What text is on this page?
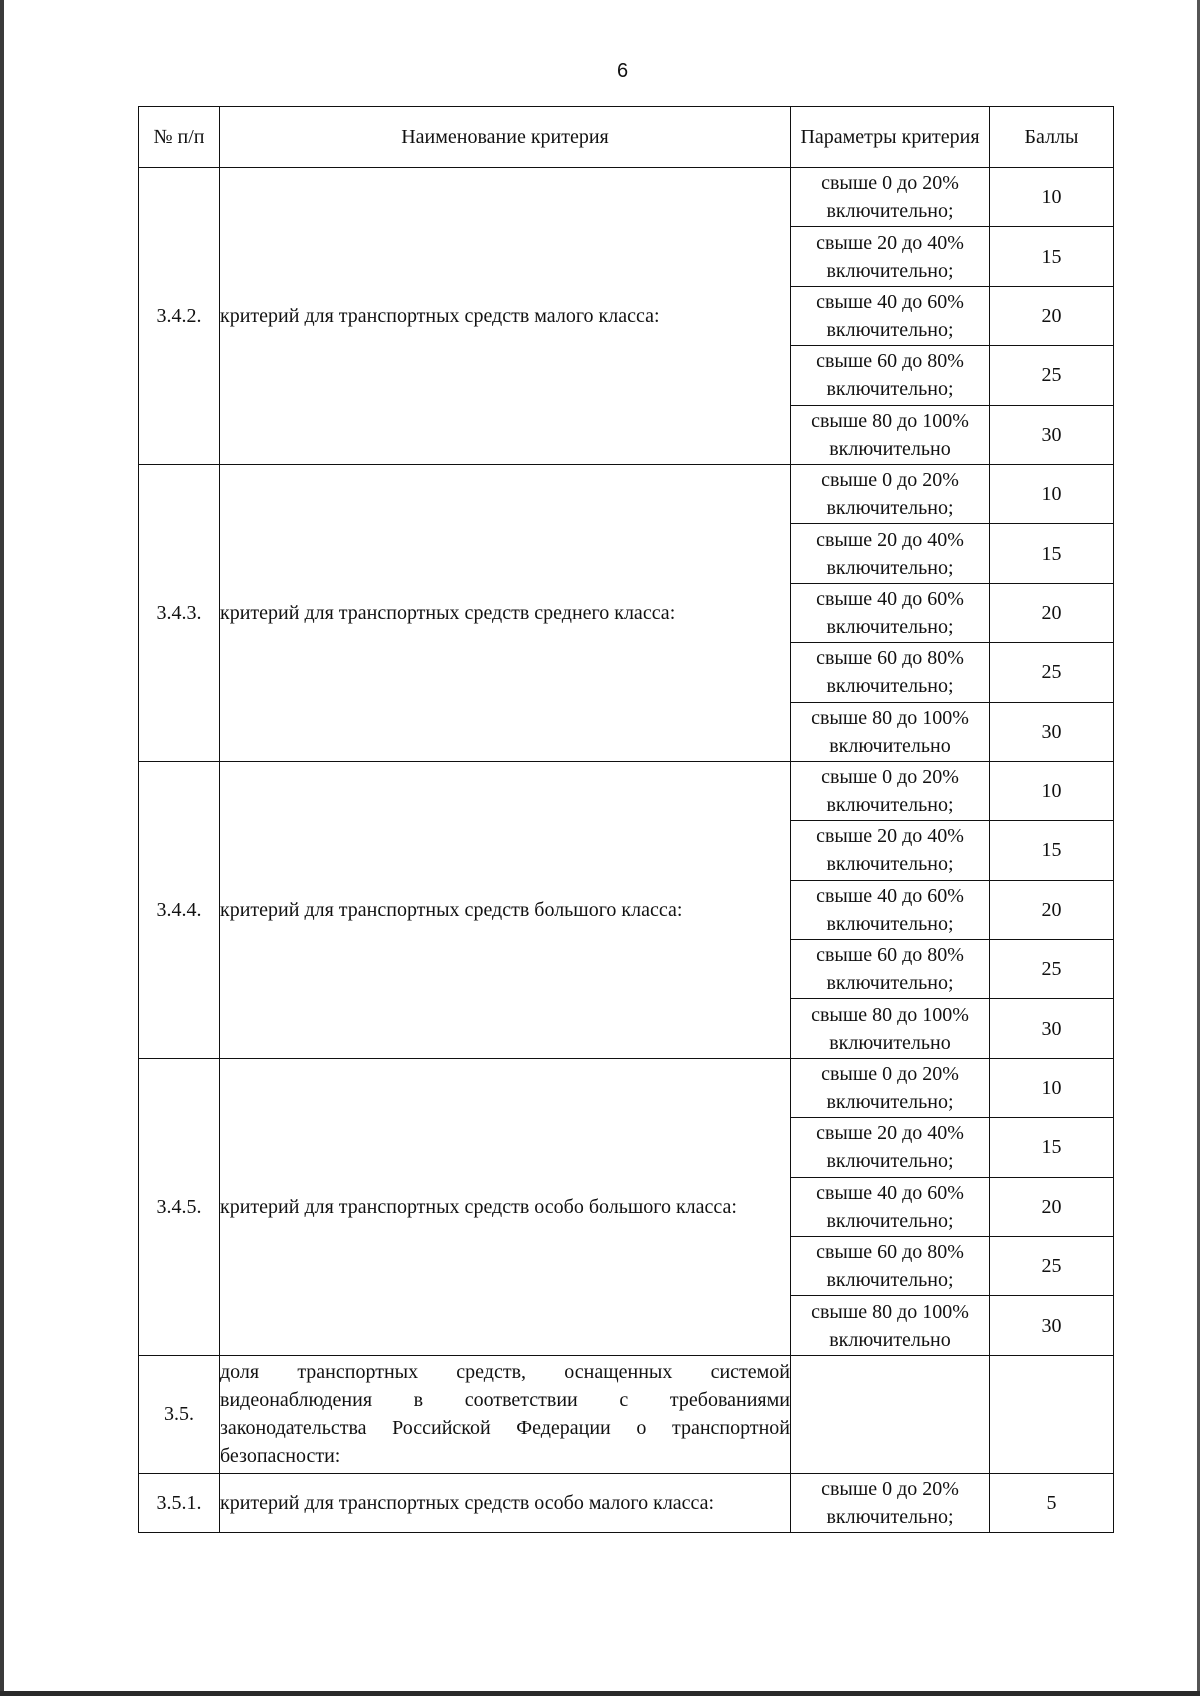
6
№ п/п	Наименование критерия	Параметры критерия	Баллы
3.4.2.	критерий для транспортных средств малого класса:	свыше 0 до 20% включительно;	10
		свыше 20 до 40% включительно;	15
		свыше 40 до 60% включительно;	20
		свыше 60 до 80% включительно;	25
		свыше 80 до 100% включительно	30
3.4.3.	критерий для транспортных средств среднего класса:	свыше 0 до 20% включительно;	10
		свыше 20 до 40% включительно;	15
		свыше 40 до 60% включительно;	20
		свыше 60 до 80% включительно;	25
		свыше 80 до 100% включительно	30
3.4.4.	критерий для транспортных средств большого класса:	свыше 0 до 20% включительно;	10
		свыше 20 до 40% включительно;	15
		свыше 40 до 60% включительно;	20
		свыше 60 до 80% включительно;	25
		свыше 80 до 100% включительно	30
3.4.5.	критерий для транспортных средств особо большого класса:	свыше 0 до 20% включительно;	10
		свыше 20 до 40% включительно;	15
		свыше 40 до 60% включительно;	20
		свыше 60 до 80% включительно;	25
		свыше 80 до 100% включительно	30
3.5.	доля транспортных средств, оснащенных системой видеонаблюдения в соответствии с требованиями законодательства Российской Федерации о транспортной безопасности:		
3.5.1.	критерий для транспортных средств особо малого класса:	свыше 0 до 20% включительно;	5
